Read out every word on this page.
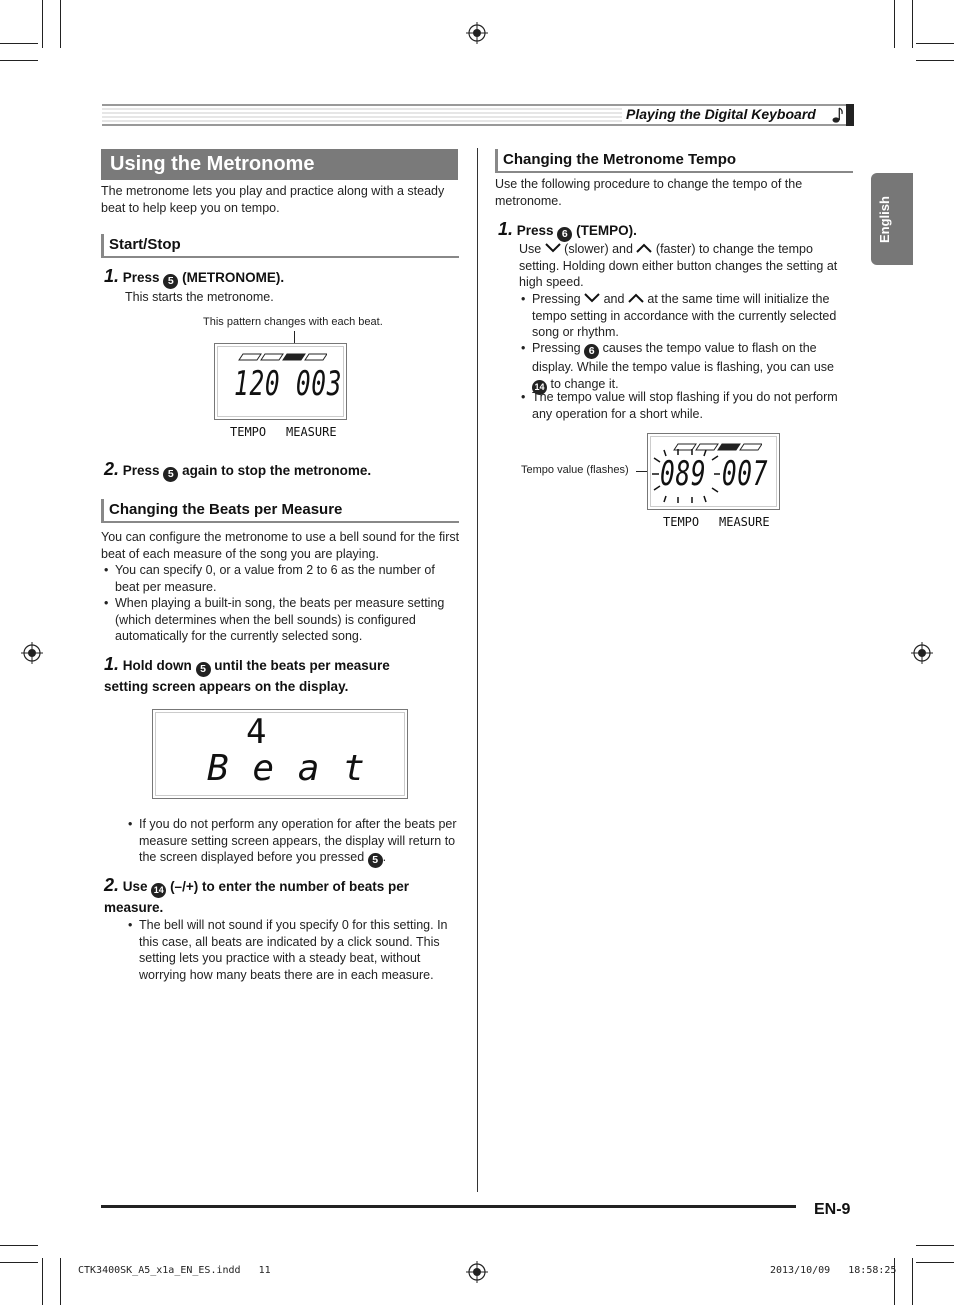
Playing the Digital Keyboard
English
Using the Metronome
The metronome lets you play and practice along with a steady beat to help keep you on tempo.
Start/Stop
1. Press 5 (METRONOME).
This starts the metronome.
This pattern changes with each beat.
120 003
TEMPO MEASURE
2. Press 5 again to stop the metronome.
Changing the Beats per Measure
You can configure the metronome to use a bell sound for the first beat of each measure of the song you are playing.
• You can specify 0, or a value from 2 to 6 as the number of beat per measure.
• When playing a built-in song, the beats per measure setting (which determines when the bell sounds) is configured automatically for the currently selected song.
1. Hold down 5 until the beats per measure setting screen appears on the display.
4
B e a t
• If you do not perform any operation for after the beats per measure setting screen appears, the display will return to the screen displayed before you pressed 5 .
2. Use 14 (–/+) to enter the number of beats per measure.
• The bell will not sound if you specify 0 for this setting. In this case, all beats are indicated by a click sound. This setting lets you practice with a steady beat, without worrying how many beats there are in each measure.
Changing the Metronome Tempo
Use the following procedure to change the tempo of the metronome.
1. Press 6 (TEMPO).
Use  (slower) and  (faster) to change the tempo setting. Holding down either button changes the setting at high speed.
• Pressing  and  at the same time will initialize the tempo setting in accordance with the currently selected song or rhythm.
• Pressing 6 causes the tempo value to flash on the display. While the tempo value is flashing, you can use 14 to change it.
• The tempo value will stop flashing if you do not perform any operation for a short while.
Tempo value (flashes) 089 007
TEMPO MEASURE
EN-9
CTK3400SK_A5_x1a_EN_ES.indd   11	2013/10/09   18:58:25
